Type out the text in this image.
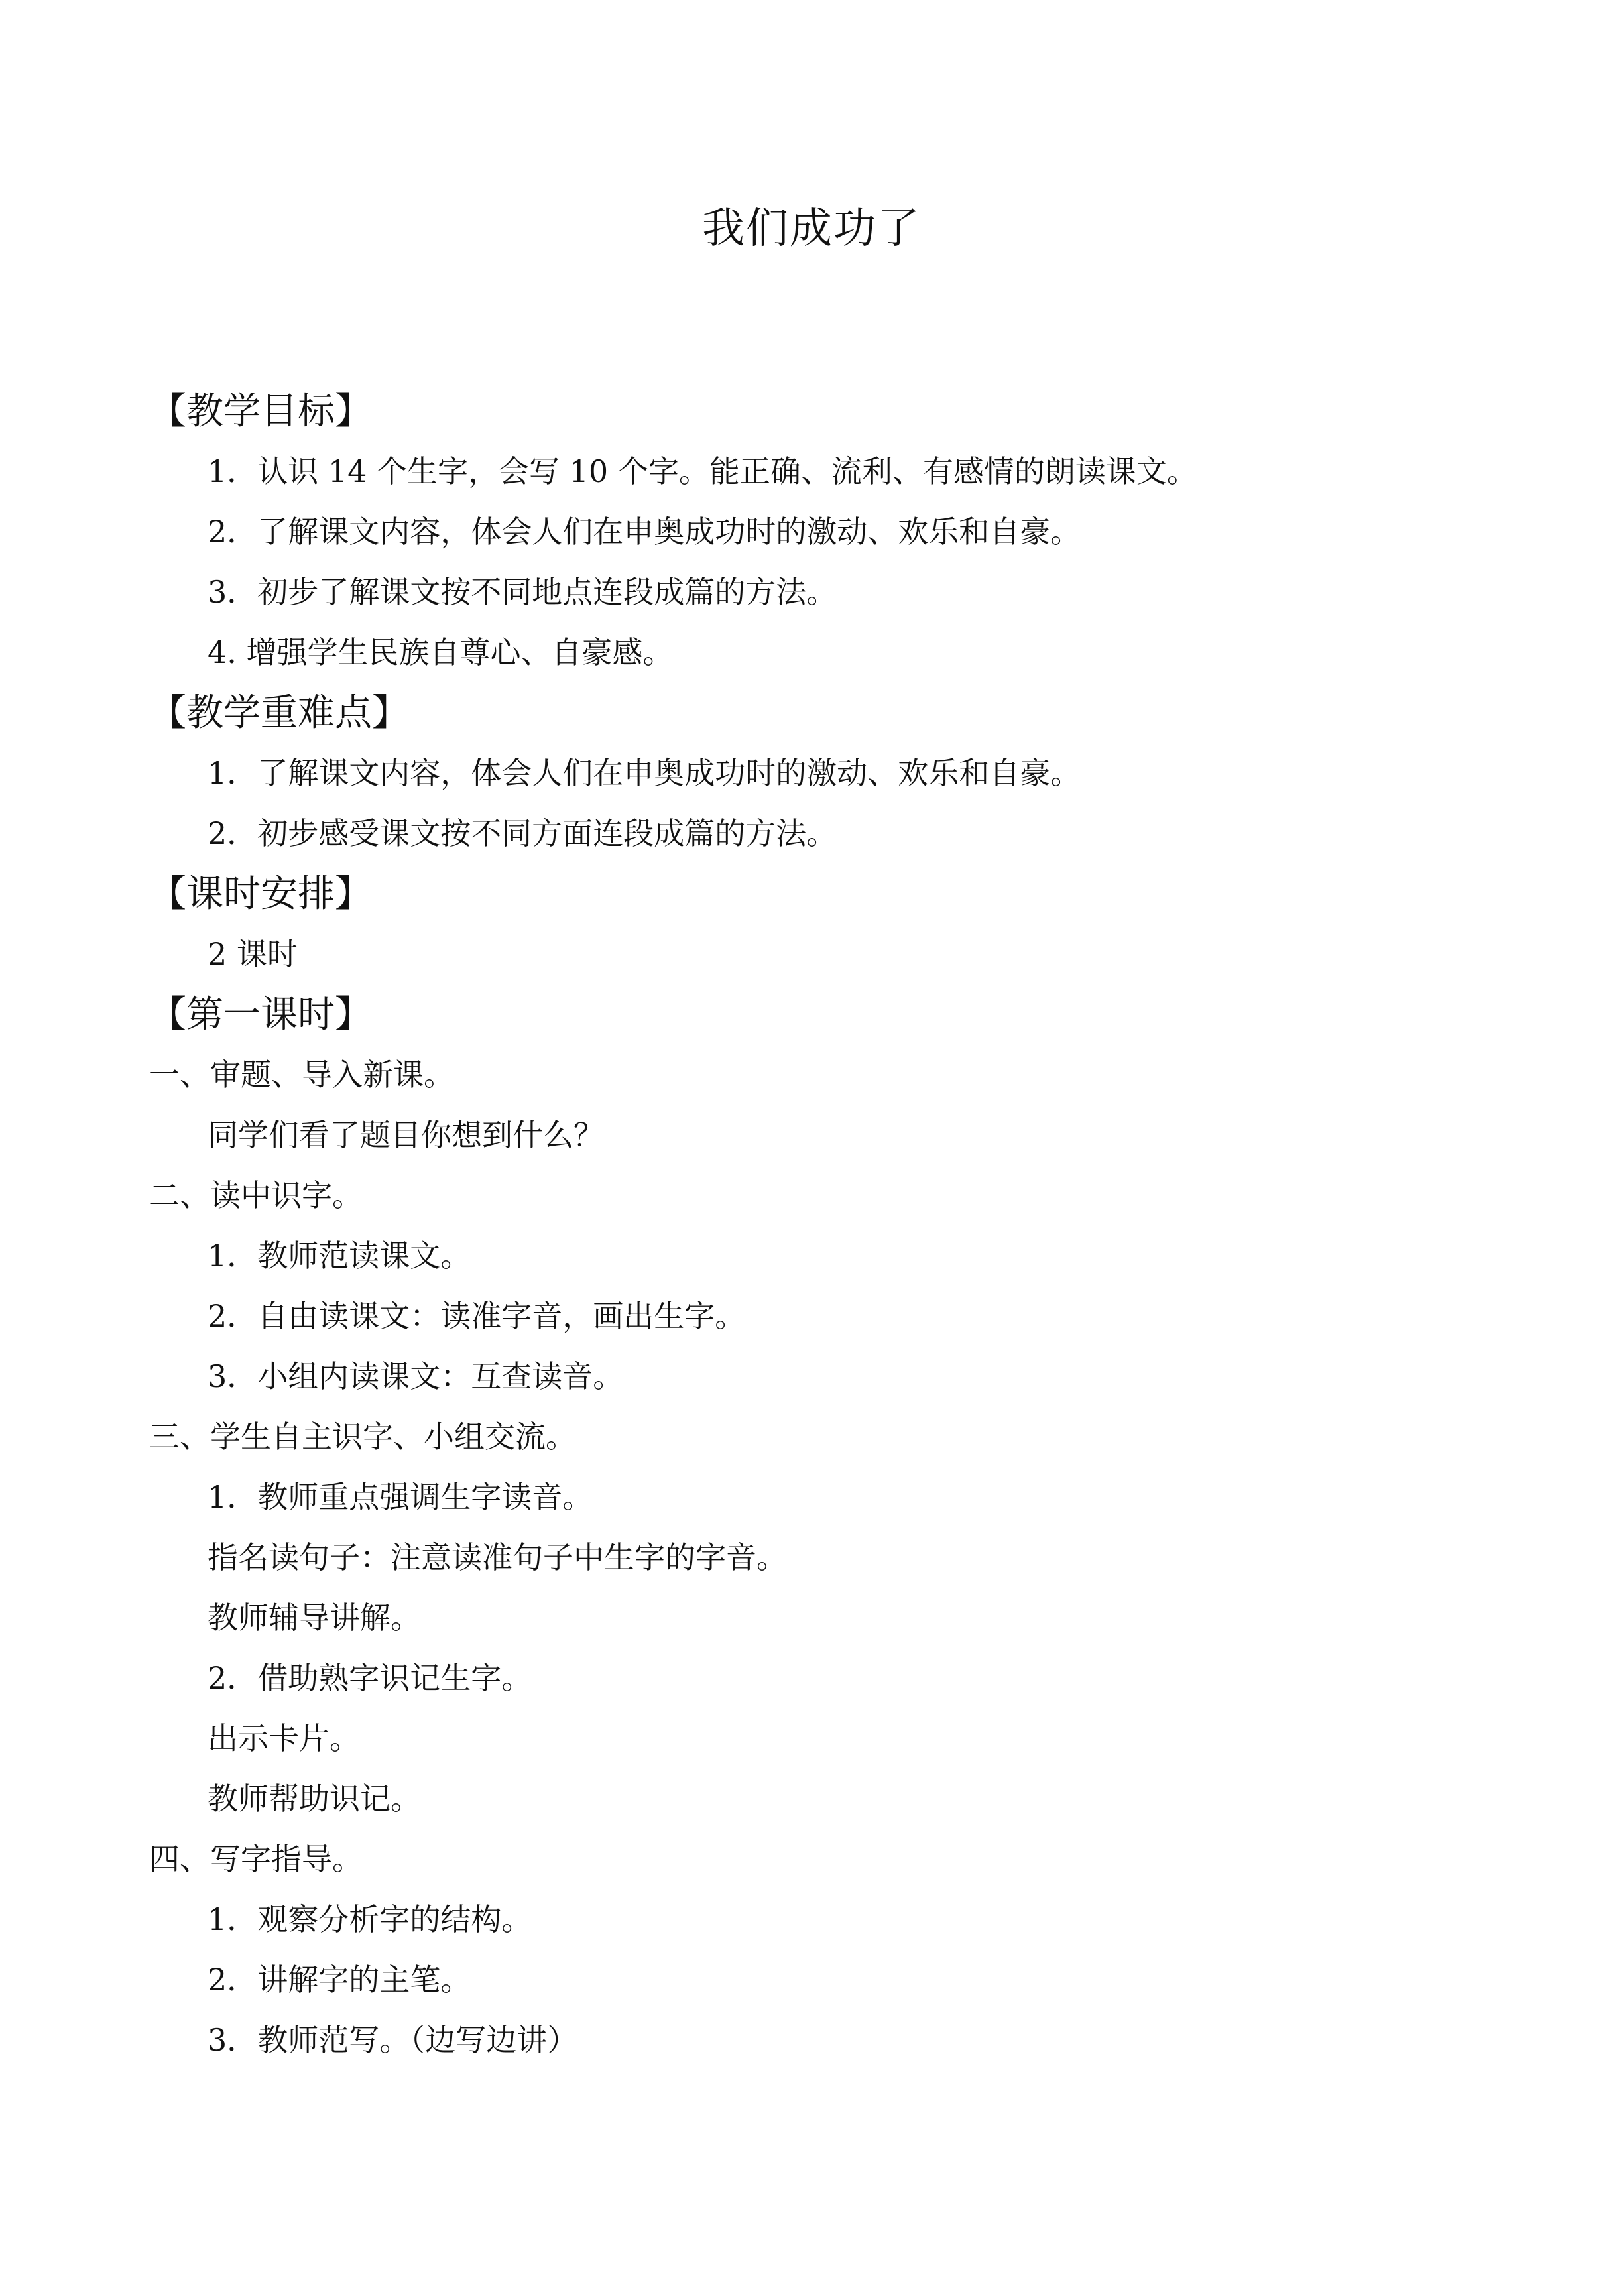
我们成功了
【教学目标】
1．认识 14 个生字，会写 10 个字。能正确、流利、有感情的朗读课文。
2．了解课文内容，体会人们在申奥成功时的激动、欢乐和自豪。
3．初步了解课文按不同地点连段成篇的方法。
4. 增强学生民族自尊心、自豪感。
【教学重难点】
1．了解课文内容，体会人们在申奥成功时的激动、欢乐和自豪。
2．初步感受课文按不同方面连段成篇的方法。
【课时安排】
2 课时
【第一课时】
一、审题、导入新课。
同学们看了题目你想到什么？
二、读中识字。
1．教师范读课文。
2．自由读课文：读准字音，画出生字。
3．小组内读课文：互查读音。
三、学生自主识字、小组交流。
1．教师重点强调生字读音。
指名读句子：注意读准句子中生字的字音。
教师辅导讲解。
2．借助熟字识记生字。
出示卡片。
教师帮助识记。
四、写字指导。
1．观察分析字的结构。
2．讲解字的主笔。
3．教师范写。（边写边讲）
